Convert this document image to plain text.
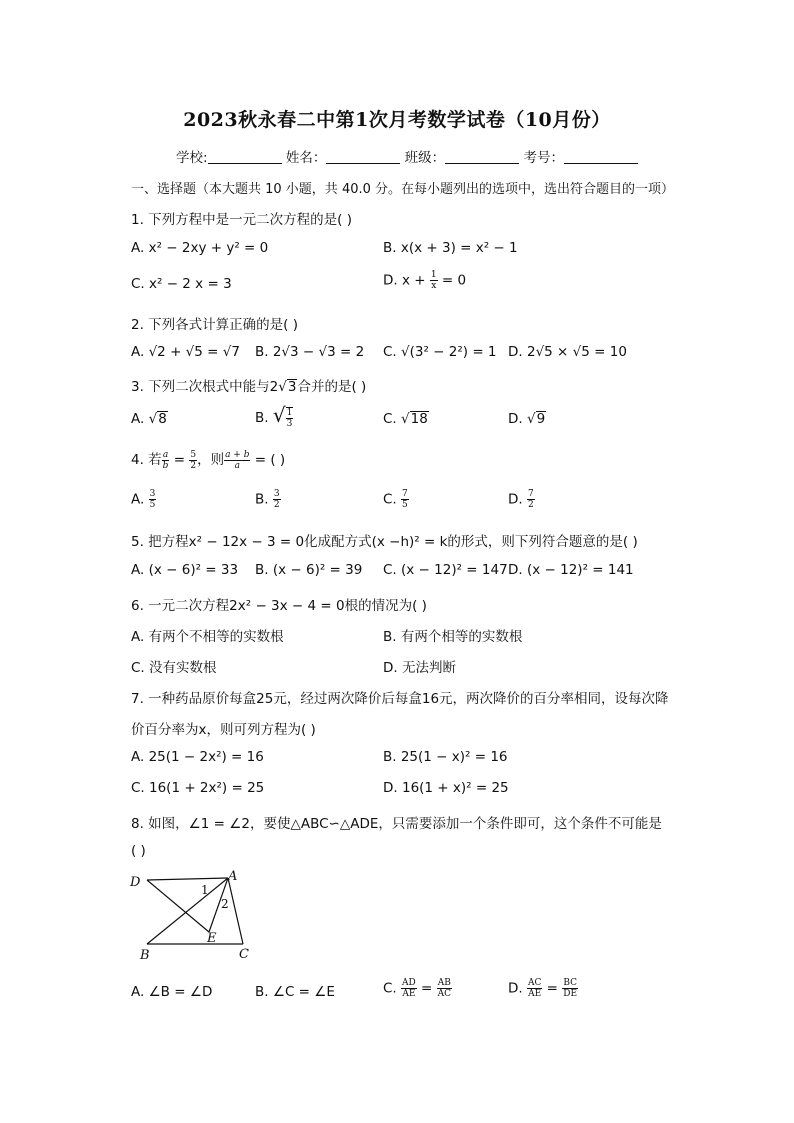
2023秋永春二中第1次月考数学试卷（10月份）
学校:	姓名：	班级：	考号：
一、选择题（本大题共 10 小题，共 40.0 分。在每小题列出的选项中，选出符合题目的一项）
1. 下列方程中是一元二次方程的是( )
A. x² − 2xy + y² = 0	B. x(x + 3) = x² − 1
C. x² − 2 x = 3	D. $x + \frac{1}{x} = 0$
2. 下列各式计算正确的是( )
A. √2 + √5 = √7 B. 2√3 − √3 = 2 C. √(3² − 2²) = 1 D. 2√5 × √5 = 10
3. 下列二次根式中能与2√3合并的是( )
A. √8	B. √ $\frac{1}{3}$	C. √18	D. √9
4. 若 $\frac{a}{b} = \frac{5}{2}$ ，则 $\frac{a + b}{a}$ = ( )
A. $\frac{3}{5}$	B. $\frac{3}{2}$	C. $\frac{7}{5}$	D. $\frac{7}{2}$
5. 把方程x² − 12x − 3 = 0化成配方式(x −h)² = k的形式，则下列符合题意的是( )
A. (x − 6)² = 33 B. (x − 6)² = 39 C. (x − 12)² = 147 D. (x − 12)² = 141
6. 一元二次方程2x² − 3x − 4 = 0根的情况为( )
A. 有两个不相等的实数根	B. 有两个相等的实数根
C. 没有实数根	D. 无法判断
7. 一种药品原价每盒25元，经过两次降价后每盒16元，两次降价的百分率相同，设每次降
价百分率为x，则可列方程为( )
A. 25(1 − 2x²) = 16	B. 25(1 − x)² = 16
C. 16(1 + 2x²) = 25	D. 16(1 + x)² = 25
8. 如图，∠1 = ∠2，要使△ABC∽△ADE，只需要添加一个条件即可，这个条件不可能是
( )
D	A
B	C
E
1
2
A. ∠B = ∠D	B. ∠C = ∠E	C. $\frac{AD}{AE} = \frac{AB}{AC}$	D. $\frac{AC}{AE} = \frac{BC}{DE}$
